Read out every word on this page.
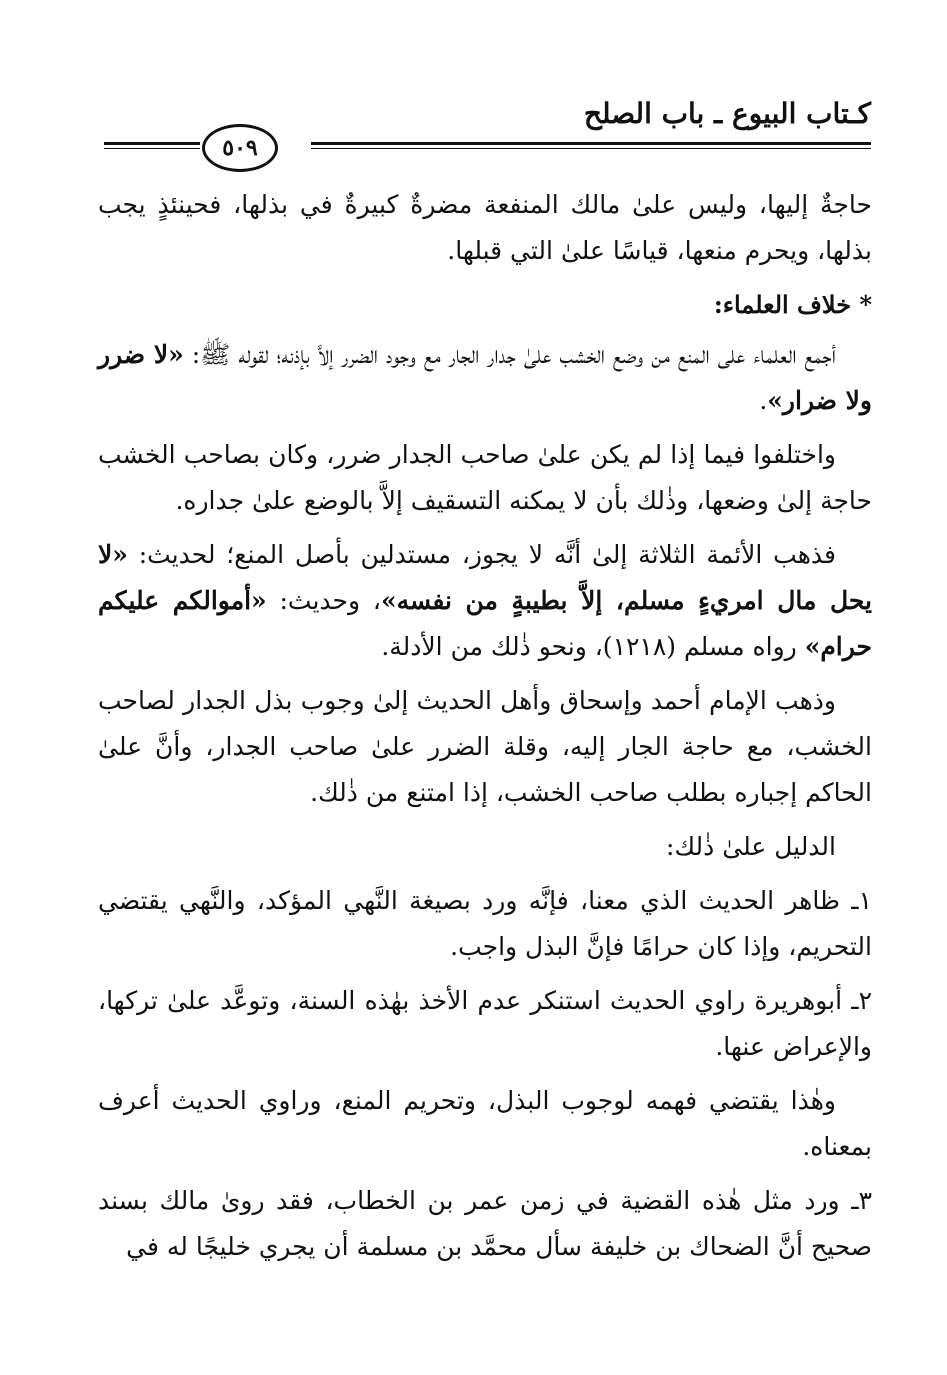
كـتاب البيوع ـ باب الصلح
٥٠٩

حاجةٌ إليها، وليس علىٰ مالك المنفعة مضرةٌ كبيرةٌ في بذلها، فحينئذٍ يجب بذلها، ويحرم منعها، قياسًا علىٰ التي قبلها.

* خلاف العلماء:

أجمع العلماء على المنع من وضع الخشب علىٰ جدار الجار مع وجود الضرر إلاَّ بإذنه؛ لقوله ﷺ: «لا ضرر ولا ضرار».

واختلفوا فيما إذا لم يكن علىٰ صاحب الجدار ضرر، وكان بصاحب الخشب حاجة إلىٰ وضعها، وذٰلك بأن لا يمكنه التسقيف إلاَّ بالوضع علىٰ جداره.

فذهب الأئمة الثلاثة إلىٰ أنَّه لا يجوز، مستدلين بأصل المنع؛ لحديث: «لا يحل مال امريءٍ مسلم، إلاَّ بطيبةٍ من نفسه»، وحديث: «أموالكم عليكم حرام» رواه مسلم (١٢١٨)، ونحو ذٰلك من الأدلة.

وذهب الإمام أحمد وإسحاق وأهل الحديث إلىٰ وجوب بذل الجدار لصاحب الخشب، مع حاجة الجار إليه، وقلة الضرر علىٰ صاحب الجدار، وأنَّ علىٰ الحاكم إجباره بطلب صاحب الخشب، إذا امتنع من ذٰلك.

الدليل علىٰ ذٰلك:

١ـ ظاهر الحديث الذي معنا، فإنَّه ورد بصيغة النَّهي المؤكد، والنَّهي يقتضي التحريم، وإذا كان حرامًا فإنَّ البذل واجب.

٢ـ أبوهريرة راوي الحديث استنكر عدم الأخذ بهٰذه السنة، وتوعَّد علىٰ تركها، والإعراض عنها.

وهٰذا يقتضي فهمه لوجوب البذل، وتحريم المنع، وراوي الحديث أعرف بمعناه.

٣ـ ورد مثل هٰذه القضية في زمن عمر بن الخطاب، فقد روىٰ مالك بسند صحيح أنَّ الضحاك بن خليفة سأل محمَّد بن مسلمة أن يجري خليجًا له في
